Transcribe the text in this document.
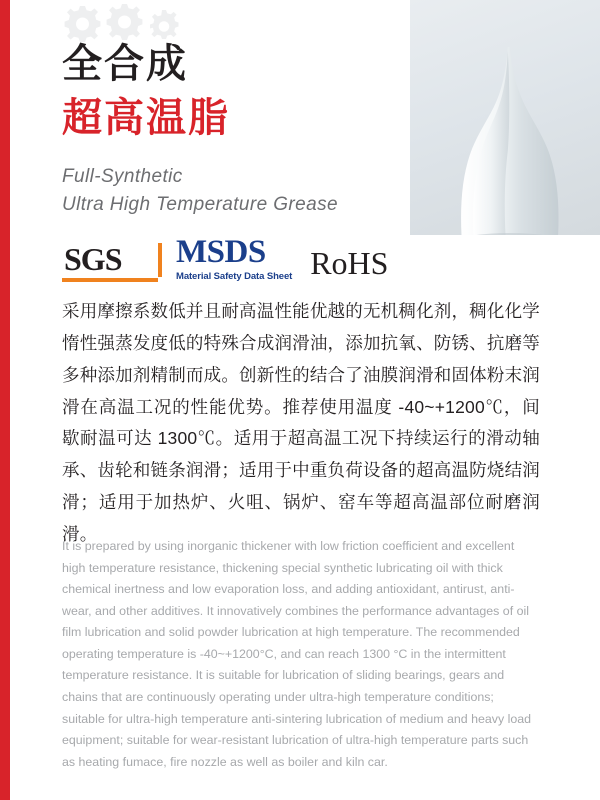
全合成
超高温脂
Full-Synthetic
Ultra High Temperature Grease
SGS MSDS
Material Safety Data Sheet RoHS
采用摩擦系数低并且耐高温性能优越的无机稠化剂，稠化化学惰性强蒸发度低的特殊合成润滑油，添加抗氧、防锈、抗磨等多种添加剂精制而成。创新性的结合了油膜润滑和固体粉末润滑在高温工况的性能优势。推荐使用温度 -40~+1200℃，间歇耐温可达 1300℃。适用于超高温工况下持续运行的滑动轴承、齿轮和链条润滑；适用于中重负荷设备的超高温防烧结润滑；适用于加热炉、火咀、锅炉、窑车等超高温部位耐磨润滑。
It is prepared by using inorganic thickener with low friction coefficient and excellent high temperature resistance, thickening special synthetic lubricating oil with thick chemical inertness and low evaporation loss, and adding antioxidant, antirust, anti-wear, and other additives. It innovatively combines the performance advantages of oil film lubrication and solid powder lubrication at high temperature. The recommended operating temperature is -40~+1200°C, and can reach 1300 °C in the intermittent temperature resistance. It is suitable for lubrication of sliding bearings, gears and chains that are continuously operating under ultra-high temperature conditions; suitable for ultra-high temperature anti-sintering lubrication of medium and heavy load equipment; suitable for wear-resistant lubrication of ultra-high temperature parts such as heating fumace, fire nozzle as well as boiler and kiln car.
